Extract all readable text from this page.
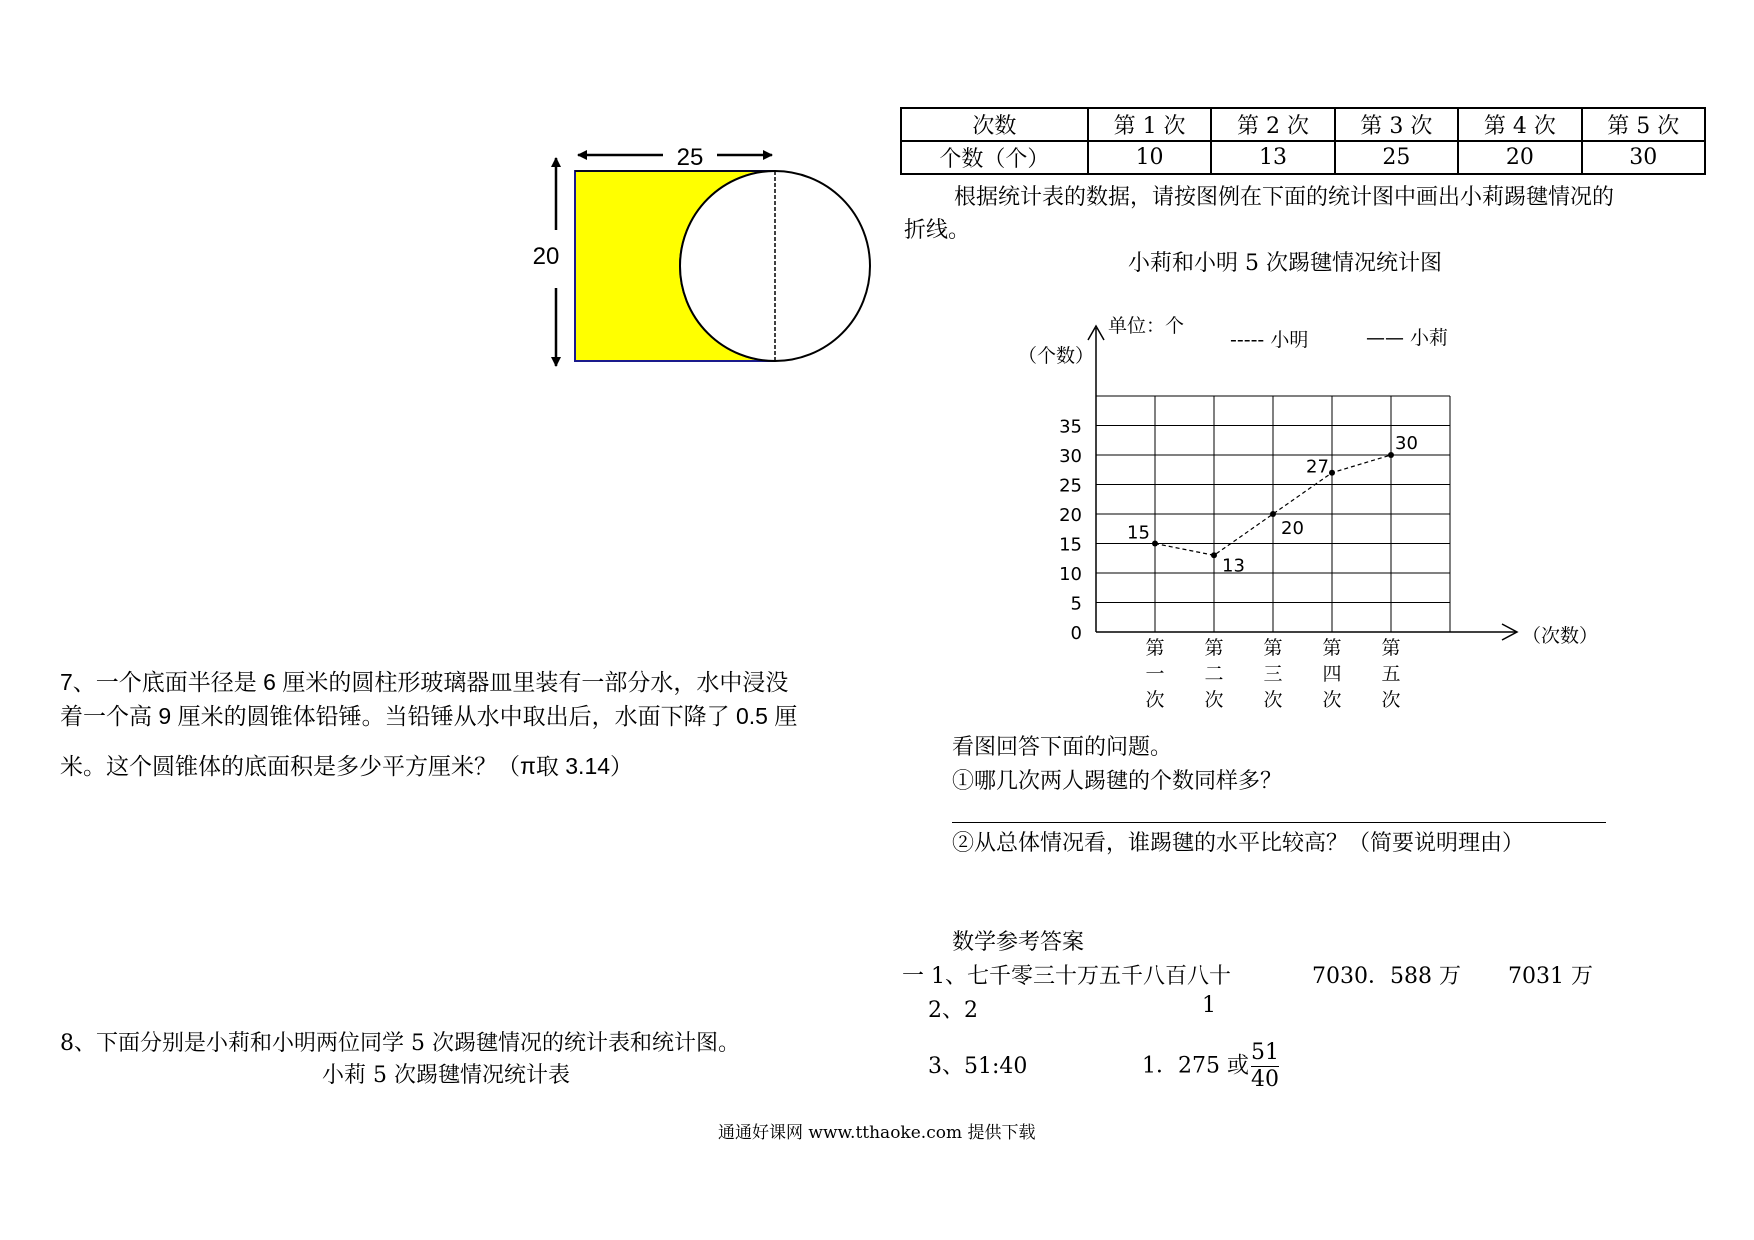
25
20
7、一个底面半径是 6 厘米的圆柱形玻璃器皿里装有一部分水，水中浸没
着一个高 9 厘米的圆锥体铅锤。当铅锤从水中取出后，水面下降了 0.5 厘
米。这个圆锥体的底面积是多少平方厘米？（π取 3.14）
8、下面分别是小莉和小明两位同学 5 次踢毽情况的统计表和统计图。
小莉 5 次踢毽情况统计表
次数	第 1 次	第 2 次	第 3 次	第 4 次	第 5 次
个数（个）	10	13	25	20	30
根据统计表的数据，请按图例在下面的统计图中画出小莉踢毽情况的
折线。
小莉和小明 5 次踢毽情况统计图
单位：个
（个数）
（次数）
----- 小明	—— 小莉
0
5
10
15
20
25
30
35
第
一
次
第
二
次
第
三
次
第
四
次
第
五
次
15
13
20
27
30
看图回答下面的问题。
①哪几次两人踢毽的个数同样多？
②从总体情况看，谁踢毽的水平比较高？（简要说明理由）
数学参考答案
一 1、七千零三十万五千八百八十	7030．588 万 7031 万
2、2	1
3、51:40	1．275 或 $\frac{51}{40}$
通通好课网 www.tthaoke.com 提供下载
